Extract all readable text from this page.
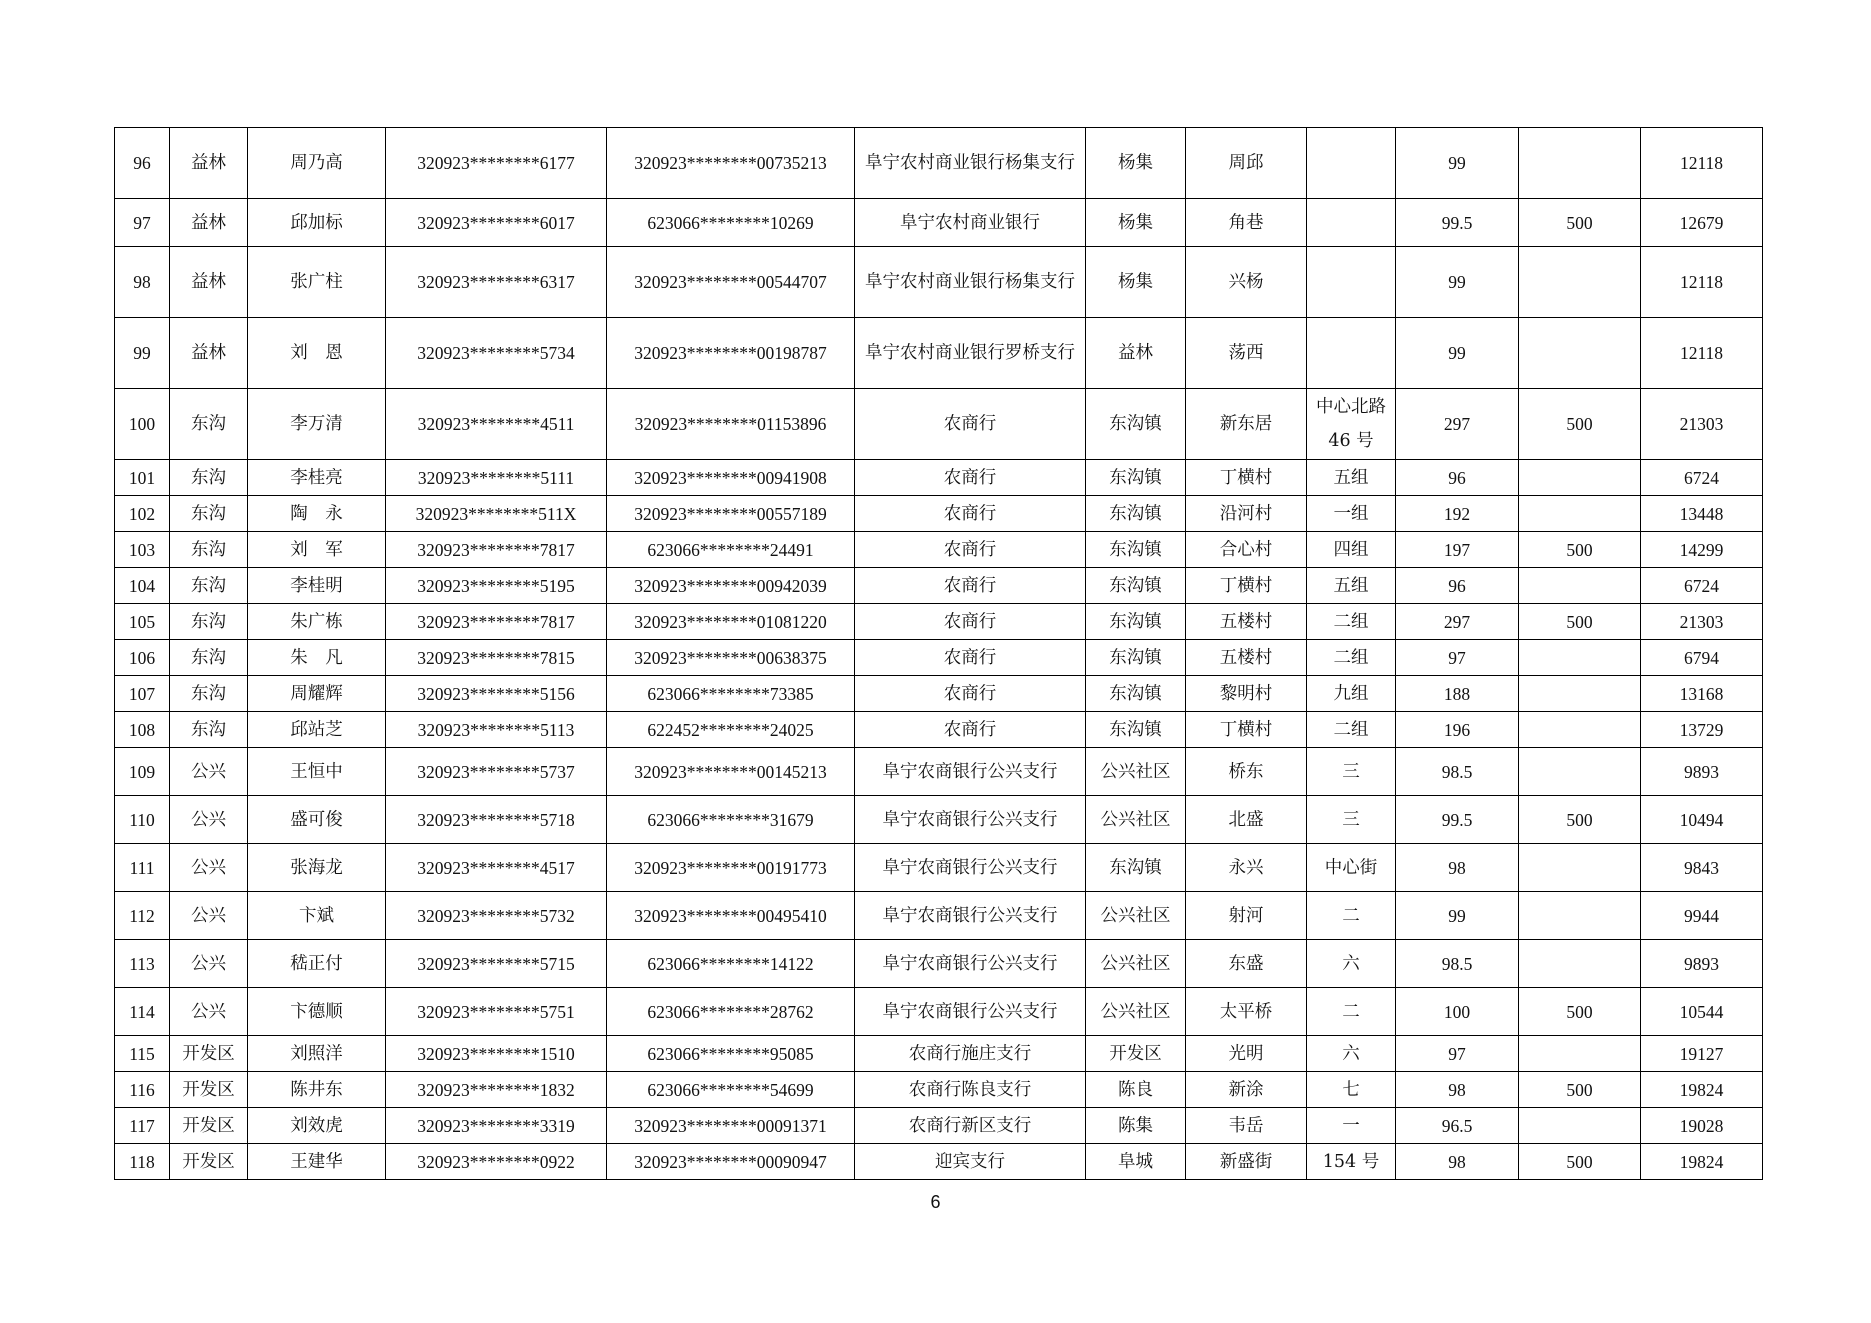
96	益林	周乃高	320923********6177	320923********00735213	阜宁农村商业银行杨集支行	杨集	周邱		99		12118
97	益林	邱加标	320923********6017	623066********10269	阜宁农村商业银行	杨集	角巷		99.5	500	12679
98	益林	张广柱	320923********6317	320923********00544707	阜宁农村商业银行杨集支行	杨集	兴杨		99		12118
99	益林	刘　恩	320923********5734	320923********00198787	阜宁农村商业银行罗桥支行	益林	荡西		99		12118
100	东沟	李万清	320923********4511	320923********01153896	农商行	东沟镇	新东居	中心北路 46 号	297	500	21303
101	东沟	李桂亮	320923********5111	320923********00941908	农商行	东沟镇	丁横村	五组	96		6724
102	东沟	陶　永	320923********511X	320923********00557189	农商行	东沟镇	沿河村	一组	192		13448
103	东沟	刘　军	320923********7817	623066********24491	农商行	东沟镇	合心村	四组	197	500	14299
104	东沟	李桂明	320923********5195	320923********00942039	农商行	东沟镇	丁横村	五组	96		6724
105	东沟	朱广栋	320923********7817	320923********01081220	农商行	东沟镇	五楼村	二组	297	500	21303
106	东沟	朱　凡	320923********7815	320923********00638375	农商行	东沟镇	五楼村	二组	97		6794
107	东沟	周耀辉	320923********5156	623066********73385	农商行	东沟镇	黎明村	九组	188		13168
108	东沟	邱站芝	320923********5113	622452********24025	农商行	东沟镇	丁横村	二组	196		13729
109	公兴	王恒中	320923********5737	320923********00145213	阜宁农商银行公兴支行	公兴社区	桥东	三	98.5		9893
110	公兴	盛可俊	320923********5718	623066********31679	阜宁农商银行公兴支行	公兴社区	北盛	三	99.5	500	10494
111	公兴	张海龙	320923********4517	320923********00191773	阜宁农商银行公兴支行	东沟镇	永兴	中心街	98		9843
112	公兴	卞斌	320923********5732	320923********00495410	阜宁农商银行公兴支行	公兴社区	射河	二	99		9944
113	公兴	嵇正付	320923********5715	623066********14122	阜宁农商银行公兴支行	公兴社区	东盛	六	98.5		9893
114	公兴	卞德顺	320923********5751	623066********28762	阜宁农商银行公兴支行	公兴社区	太平桥	二	100	500	10544
115	开发区	刘照洋	320923********1510	623066********95085	农商行施庄支行	开发区	光明	六	97		19127
116	开发区	陈井东	320923********1832	623066********54699	农商行陈良支行	陈良	新涂	七	98	500	19824
117	开发区	刘效虎	320923********3319	320923********00091371	农商行新区支行	陈集	韦岳	一	96.5		19028
118	开发区	王建华	320923********0922	320923********00090947	迎宾支行	阜城	新盛街	154 号	98	500	19824
6
